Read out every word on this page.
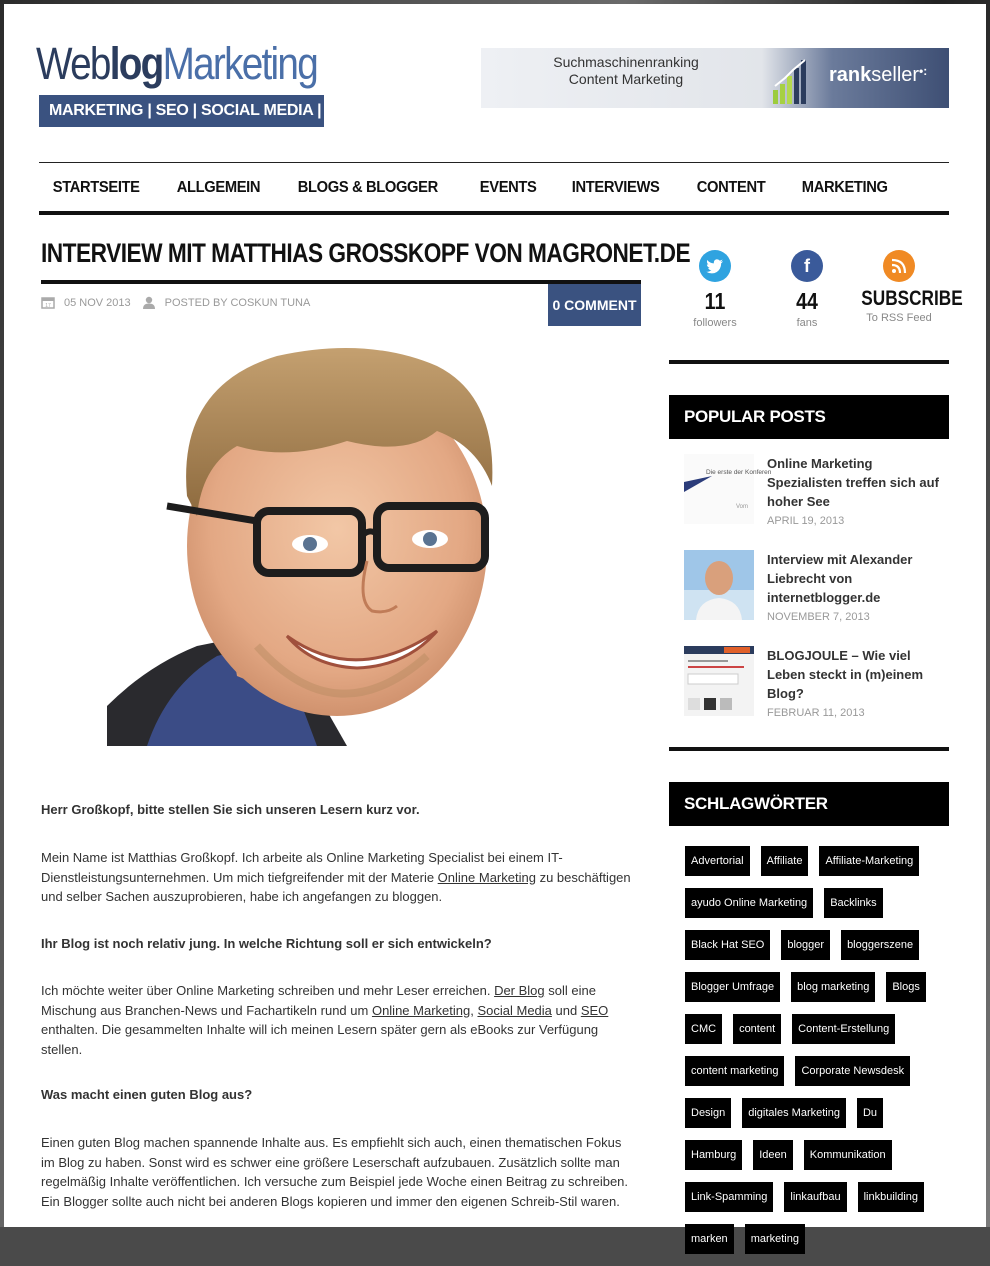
WeblogMarketing
MARKETING | SEO | SOCIAL MEDIA | TRAFFIC
Suchmaschinenranking
Content Marketing	rankseller•:
STARTSEITE	ALLGEMEIN	BLOGS & BLOGGER	EVENTS	INTERVIEWS	CONTENT	MARKETING
INTERVIEW MIT MATTHIAS GROSSKOPF VON MAGRONET.DE
17 05 NOV 2013	POSTED BY COSKUN TUNA	0 COMMENT

Herr Großkopf, bitte stellen Sie sich unseren Lesern kurz vor.

Mein Name ist Matthias Großkopf. Ich arbeite als Online Marketing Specialist bei einem IT-Dienstleistungsunternehmen. Um mich tiefgreifender mit der Materie Online Marketing zu beschäftigen und selber Sachen auszuprobieren, habe ich angefangen zu bloggen.

Ihr Blog ist noch relativ jung. In welche Richtung soll er sich entwickeln?

Ich möchte weiter über Online Marketing schreiben und mehr Leser erreichen. Der Blog soll eine Mischung aus Branchen-News und Fachartikeln rund um Online Marketing, Social Media und SEO enthalten. Die gesammelten Inhalte will ich meinen Lesern später gern als eBooks zur Verfügung stellen.

Was macht einen guten Blog aus?

Einen guten Blog machen spannende Inhalte aus. Es empfiehlt sich auch, einen thematischen Fokus im Blog zu haben. Sonst wird es schwer eine größere Leserschaft aufzubauen. Zusätzlich sollte man regelmäßig Inhalte veröffentlichen. Ich versuche zum Beispiel jede Woche einen Beitrag zu schreiben. Ein Blogger sollte auch nicht bei anderen Blogs kopieren und immer den eigenen Schreib-Stil waren.

11
followers
f
44
fans
SUBSCRIBE
To RSS Feed
POPULAR POSTS
Die erste der Konferen
Vom
Online Marketing Spezialisten treffen sich auf hoher See
APRIL 19, 2013
Interview mit Alexander Liebrecht von internetblogger.de
NOVEMBER 7, 2013
BLOGJOULE – Wie viel Leben steckt in (m)einem Blog?
FEBRUAR 11, 2013
SCHLAGWÖRTER
Advertorial	Affiliate	Affiliate-Marketing
ayudo Online Marketing	Backlinks
Black Hat SEO	blogger	bloggerszene
Blogger Umfrage	blog marketing	Blogs
CMC	content	Content-Erstellung
content marketing	Corporate Newsdesk
Design	digitales Marketing	Du
Hamburg	Ideen	Kommunikation
Link-Spamming	linkaufbau	linkbuilding
marken	marketing
